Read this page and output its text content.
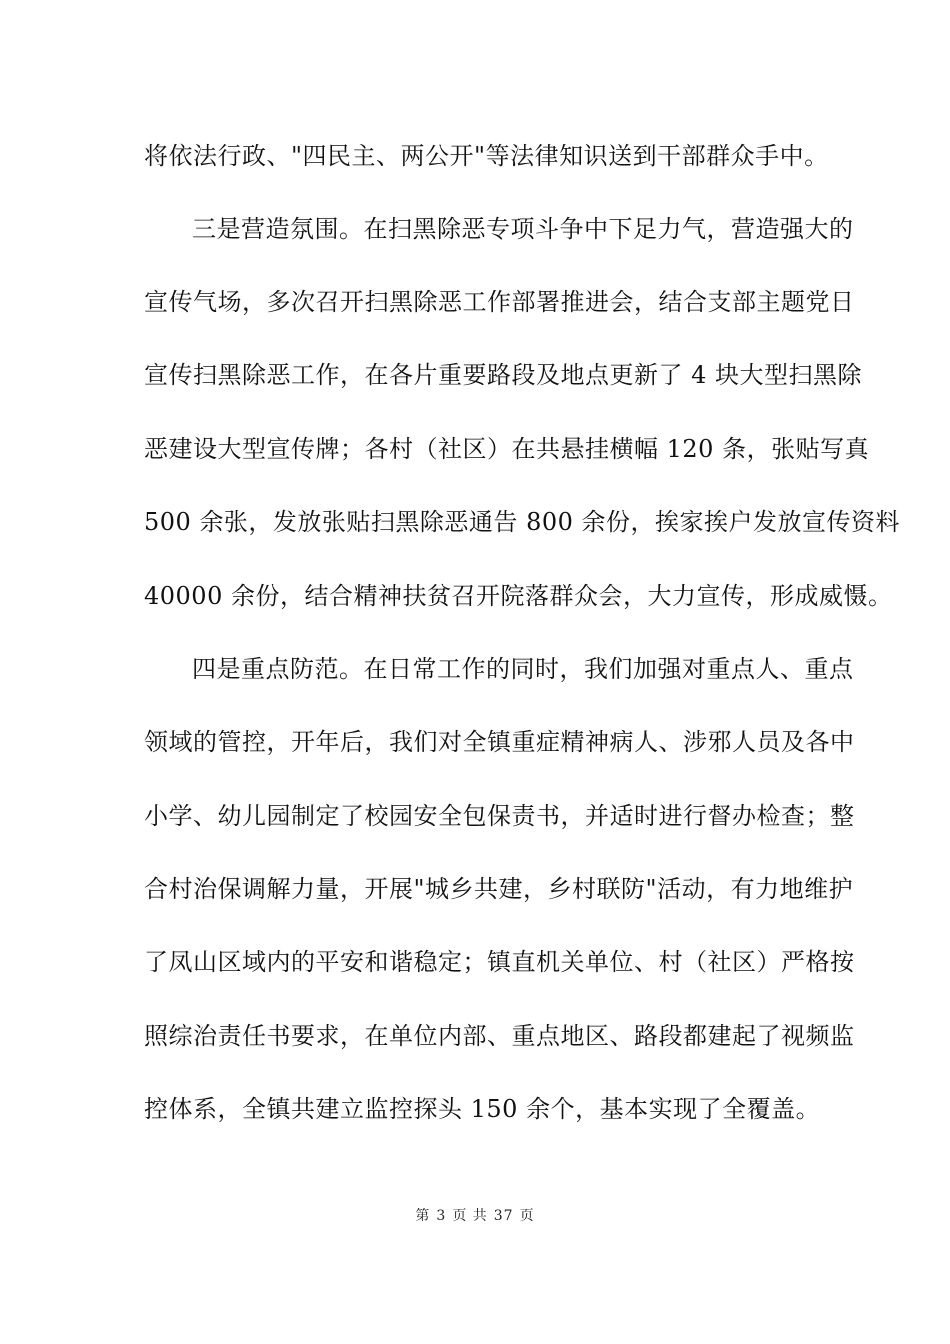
将依法行政、"四民主、两公开"等法律知识送到干部群众手中。
三是营造氛围。在扫黑除恶专项斗争中下足力气，营造强大的
宣传气场，多次召开扫黑除恶工作部署推进会，结合支部主题党日
宣传扫黑除恶工作，在各片重要路段及地点更新了 4 块大型扫黑除
恶建设大型宣传牌；各村（社区）在共悬挂横幅 120 条，张贴写真
500 余张，发放张贴扫黑除恶通告 800 余份，挨家挨户发放宣传资料
40000 余份，结合精神扶贫召开院落群众会，大力宣传，形成威慑。
四是重点防范。在日常工作的同时，我们加强对重点人、重点
领域的管控，开年后，我们对全镇重症精神病人、涉邪人员及各中
小学、幼儿园制定了校园安全包保责书，并适时进行督办检查；整
合村治保调解力量，开展"城乡共建，乡村联防"活动，有力地维护
了凤山区域内的平安和谐稳定；镇直机关单位、村（社区）严格按
照综治责任书要求，在单位内部、重点地区、路段都建起了视频监
控体系，全镇共建立监控探头 150 余个，基本实现了全覆盖。
第 3 页 共 37 页
